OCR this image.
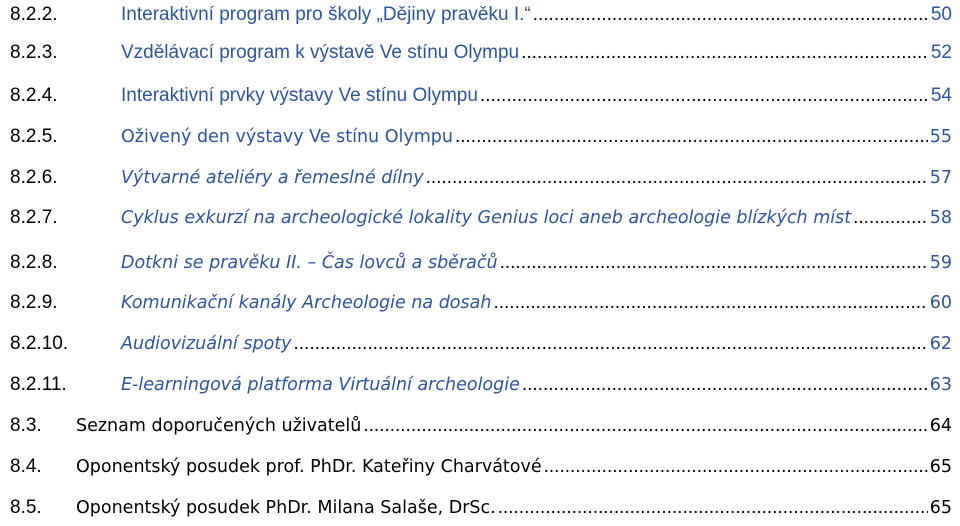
8.2.2.	Interaktivní program pro školy „Dějiny pravěku I.“ .....	50
8.2.3.	Vzdělávací program k výstavě Ve stínu Olympu .....	52
8.2.4.	Interaktivní prvky výstavy Ve stínu Olympu .....	54
8.2.5.	Oživený den výstavy Ve stínu Olympu .....	55
8.2.6.	Výtvarné ateliéry a řemeslné dílny .....	57
8.2.7.	Cyklus exkurzí na archeologické lokality Genius loci aneb archeologie blízkých míst .....	58
8.2.8.	Dotkni se pravěku II. – Čas lovců a sběračů .....	59
8.2.9.	Komunikační kanály Archeologie na dosah .....	60
8.2.10.	Audiovizuální spoty .....	62
8.2.11.	E-learningová platforma Virtuální archeologie .....	63
8.3.	Seznam doporučených uživatelů .....	64
8.4.	Oponentský posudek prof. PhDr. Kateřiny Charvátové .....	65
8.5.	Oponentský posudek PhDr. Milana Salaše, DrSc. .....	65
